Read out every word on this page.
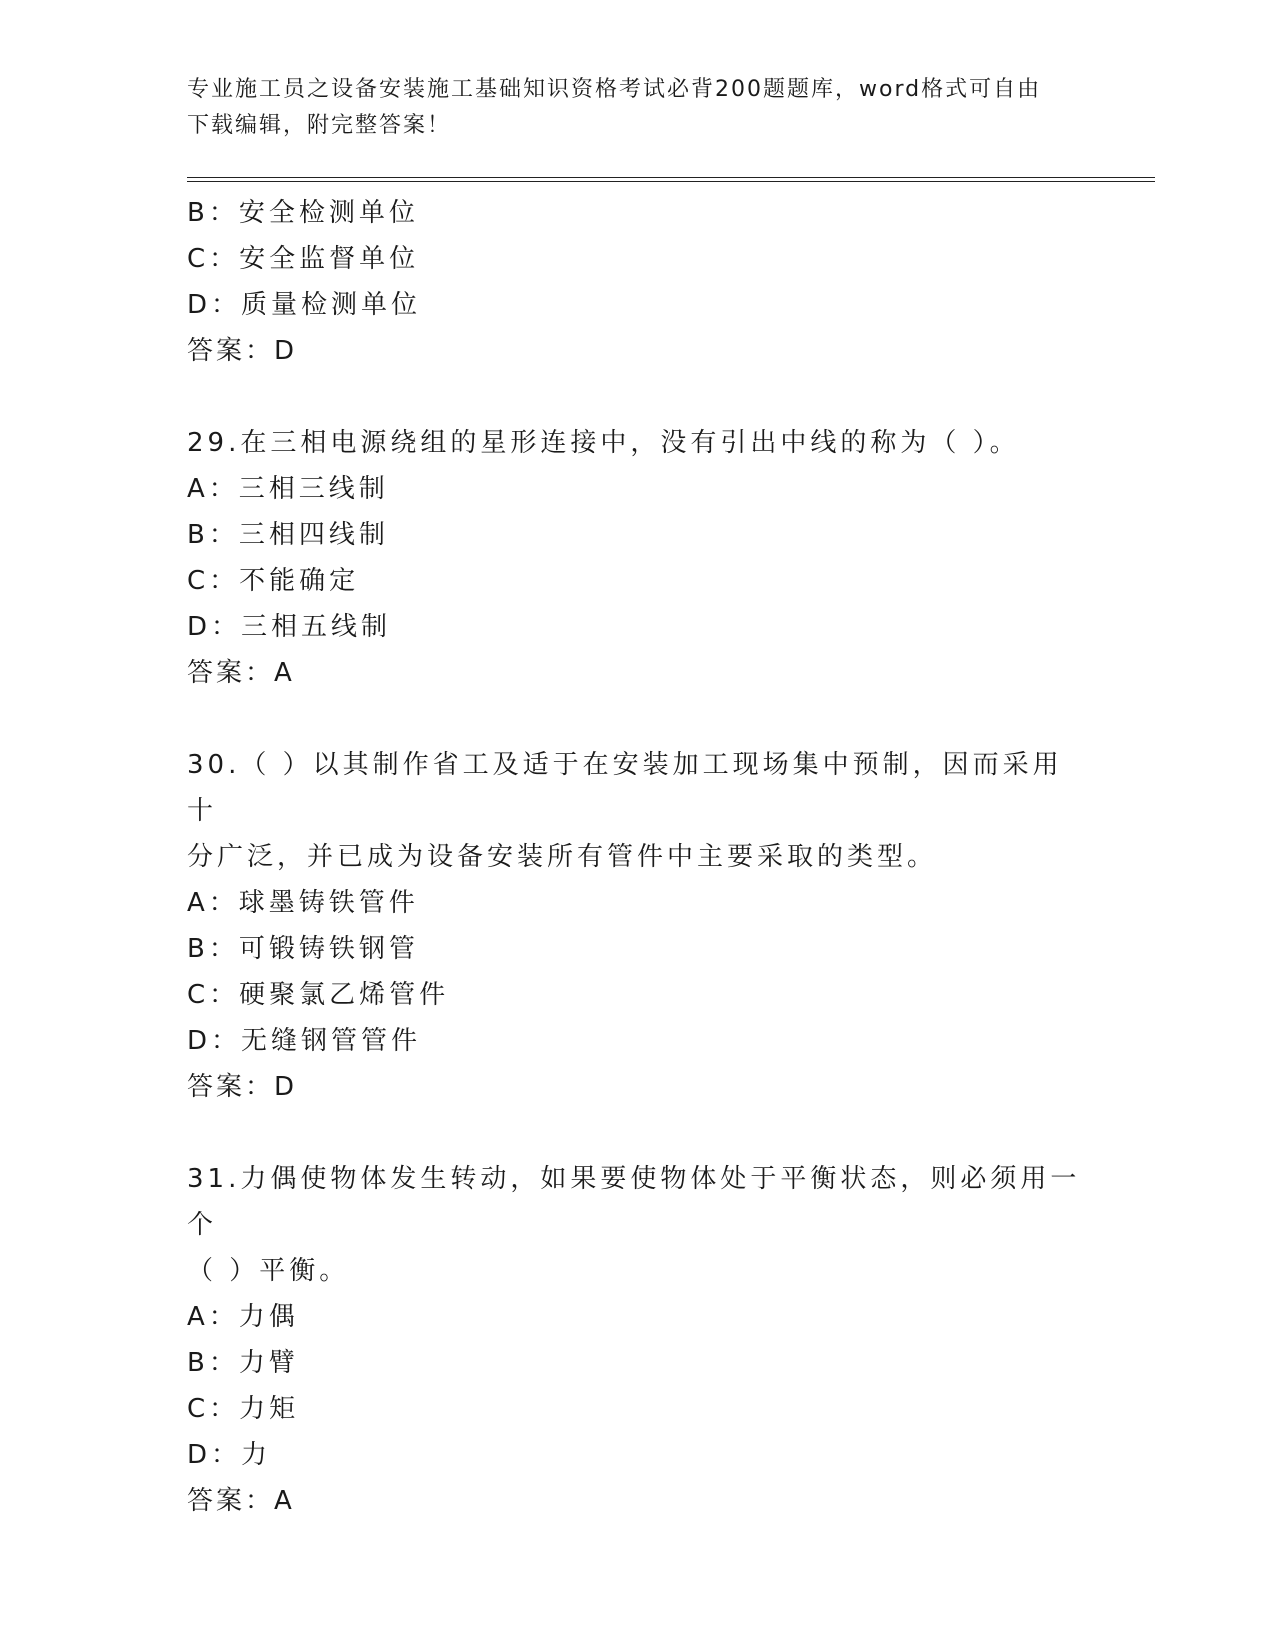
专业施工员之设备安装施工基础知识资格考试必背200题题库，word格式可自由
下载编辑，附完整答案！
B：安全检测单位
C：安全监督单位
D：质量检测单位
答案：D
29.在三相电源绕组的星形连接中，没有引出中线的称为（ ）。
A：三相三线制
B：三相四线制
C：不能确定
D：三相五线制
答案：A
30.（ ）以其制作省工及适于在安装加工现场集中预制，因而采用十
分广泛，并已成为设备安装所有管件中主要采取的类型。
A：球墨铸铁管件
B：可锻铸铁钢管
C：硬聚氯乙烯管件
D：无缝钢管管件
答案：D
31.力偶使物体发生转动，如果要使物体处于平衡状态，则必须用一个
（ ）平衡。
A：力偶
B：力臂
C：力矩
D：力
答案：A
